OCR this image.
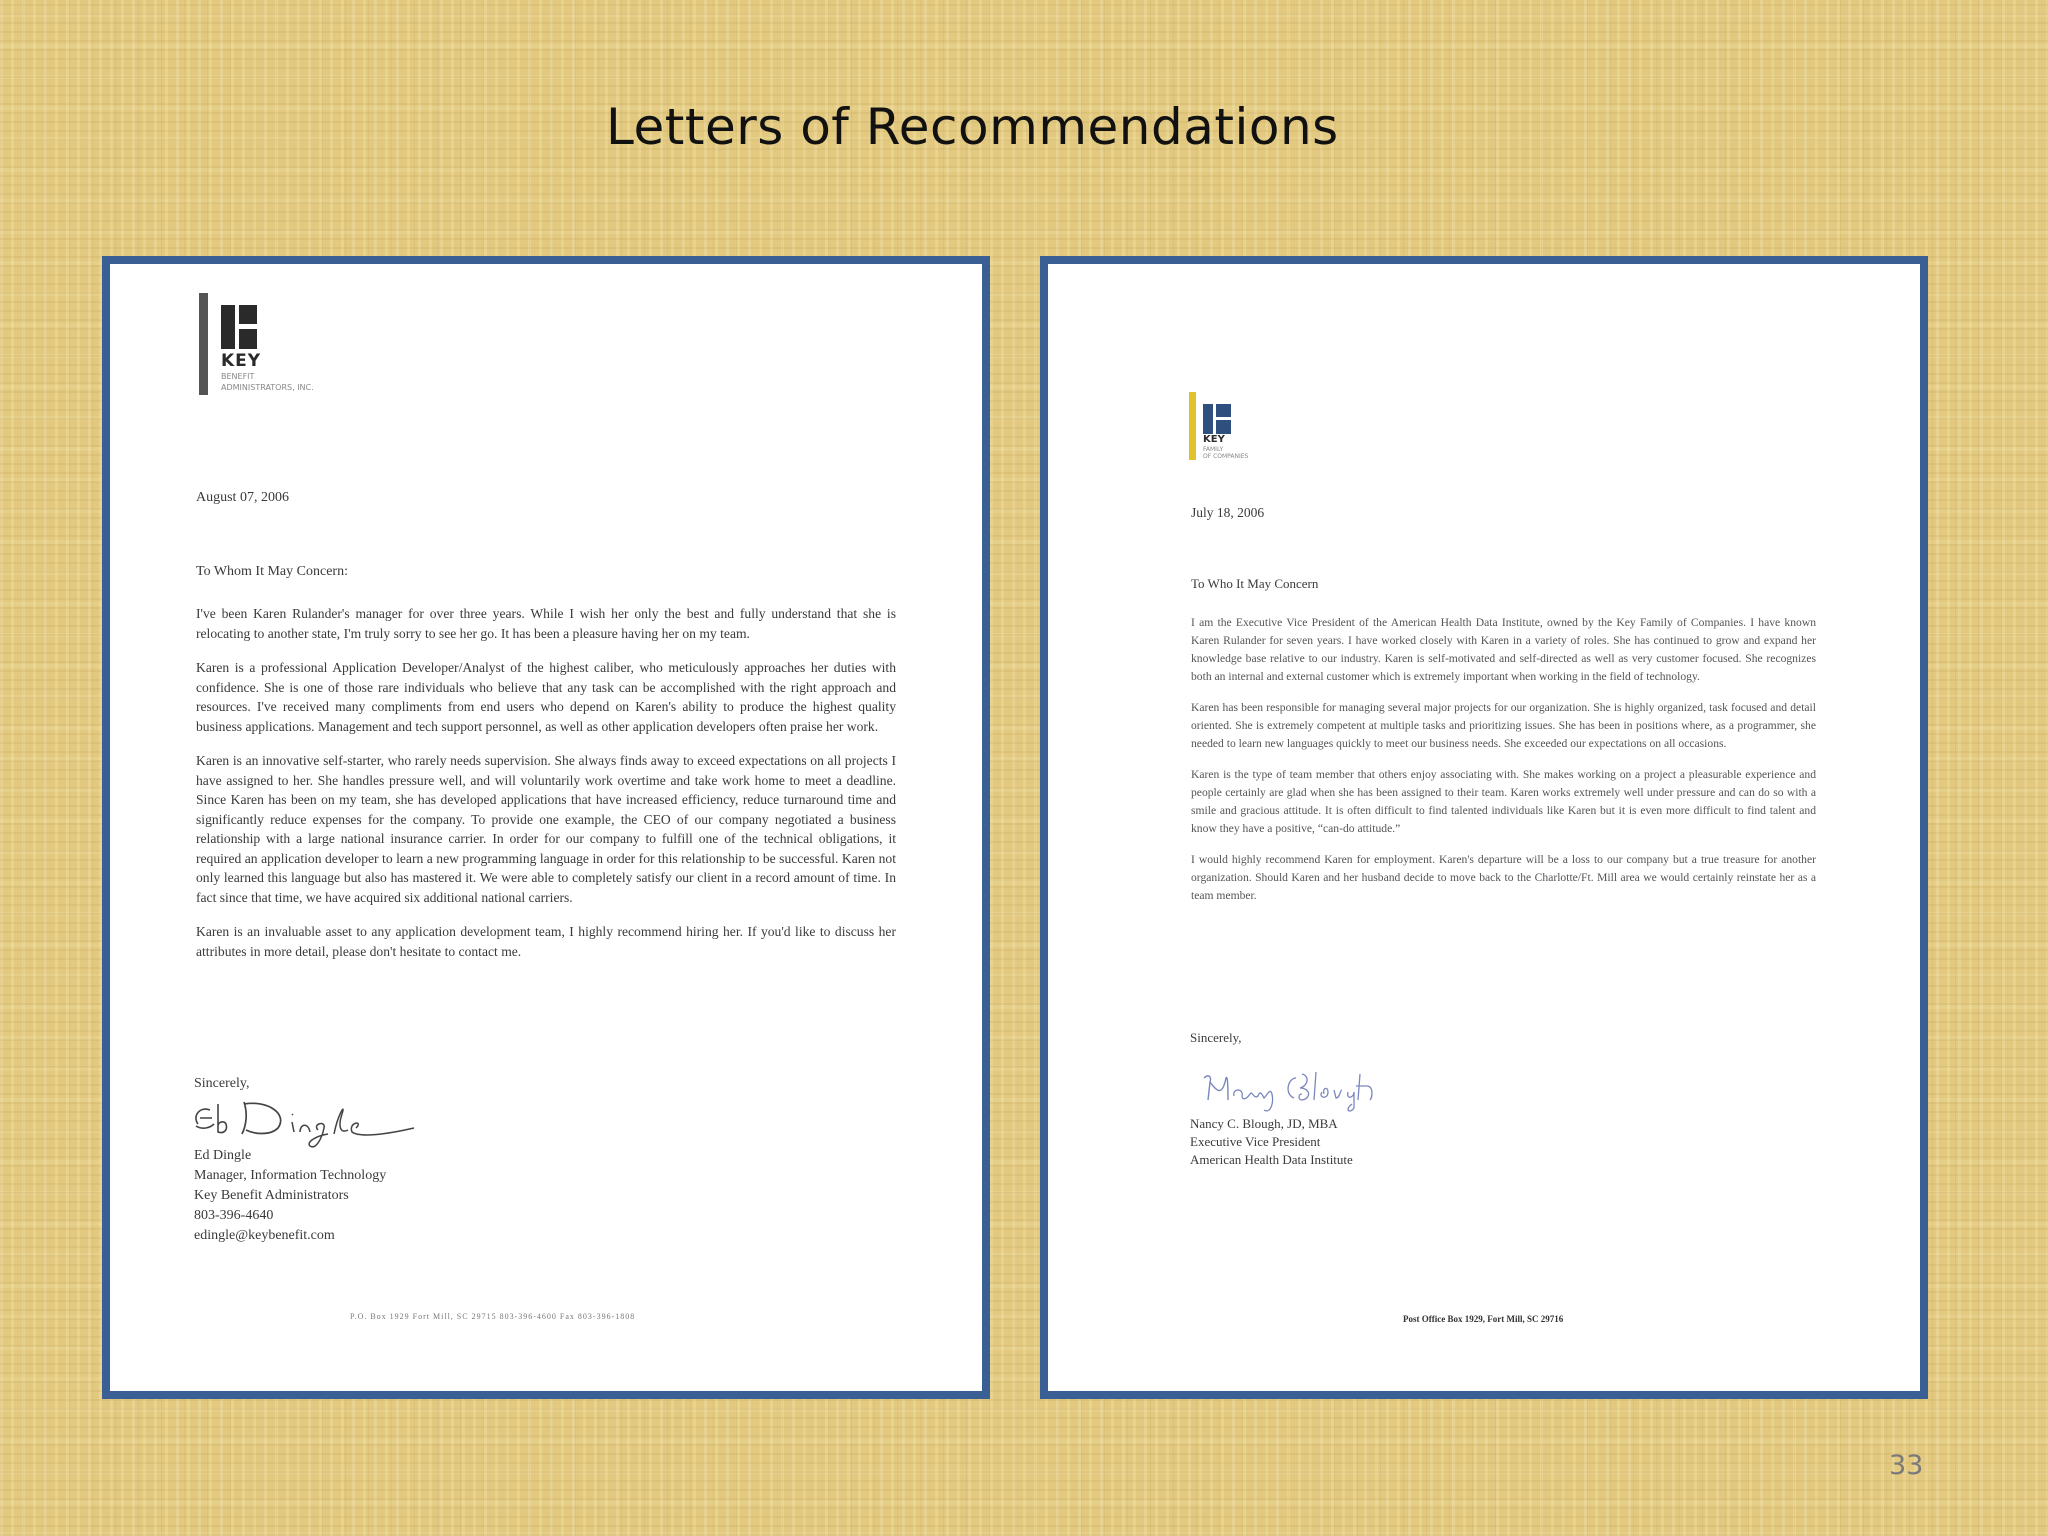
Letters of Recommendations
KEY
BENEFIT
ADMINISTRATORS, INC.
August 07, 2006
To Whom It May Concern:

I've been Karen Rulander's manager for over three years. While I wish her only the best and fully understand that she is relocating to another state, I'm truly sorry to see her go. It has been a pleasure having her on my team.

Karen is a professional Application Developer/Analyst of the highest caliber, who meticulously approaches her duties with confidence. She is one of those rare individuals who believe that any task can be accomplished with the right approach and resources. I've received many compliments from end users who depend on Karen's ability to produce the highest quality business applications. Management and tech support personnel, as well as other application developers often praise her work.

Karen is an innovative self-starter, who rarely needs supervision. She always finds away to exceed expectations on all projects I have assigned to her. She handles pressure well, and will voluntarily work overtime and take work home to meet a deadline. Since Karen has been on my team, she has developed applications that have increased efficiency, reduce turnaround time and significantly reduce expenses for the company. To provide one example, the CEO of our company negotiated a business relationship with a large national insurance carrier. In order for our company to fulfill one of the technical obligations, it required an application developer to learn a new programming language in order for this relationship to be successful. Karen not only learned this language but also has mastered it. We were able to completely satisfy our client in a record amount of time. In fact since that time, we have acquired six additional national carriers.

Karen is an invaluable asset to any application development team, I highly recommend hiring her. If you'd like to discuss her attributes in more detail, please don't hesitate to contact me.

Sincerely,
Ed Dingle
Manager, Information Technology
Key Benefit Administrators
803-396-4640
edingle@keybenefit.com
P.O. Box 1929 Fort Mill, SC 29715 803-396-4600 Fax 803-396-1808
KEY
FAMILY
OF COMPANIES
July 18, 2006
To Who It May Concern

I am the Executive Vice President of the American Health Data Institute, owned by the Key Family of Companies. I have known Karen Rulander for seven years. I have worked closely with Karen in a variety of roles. She has continued to grow and expand her knowledge base relative to our industry. Karen is self-motivated and self-directed as well as very customer focused. She recognizes both an internal and external customer which is extremely important when working in the field of technology.

Karen has been responsible for managing several major projects for our organization. She is highly organized, task focused and detail oriented. She is extremely competent at multiple tasks and prioritizing issues. She has been in positions where, as a programmer, she needed to learn new languages quickly to meet our business needs. She exceeded our expectations on all occasions.

Karen is the type of team member that others enjoy associating with. She makes working on a project a pleasurable experience and people certainly are glad when she has been assigned to their team. Karen works extremely well under pressure and can do so with a smile and gracious attitude. It is often difficult to find talented individuals like Karen but it is even more difficult to find talent and know they have a positive, “can-do attitude.”

I would highly recommend Karen for employment. Karen's departure will be a loss to our company but a true treasure for another organization. Should Karen and her husband decide to move back to the Charlotte/Ft. Mill area we would certainly reinstate her as a team member.

Sincerely,
Nancy C. Blough, JD, MBA
Executive Vice President
American Health Data Institute
Post Office Box 1929, Fort Mill, SC 29716
33
